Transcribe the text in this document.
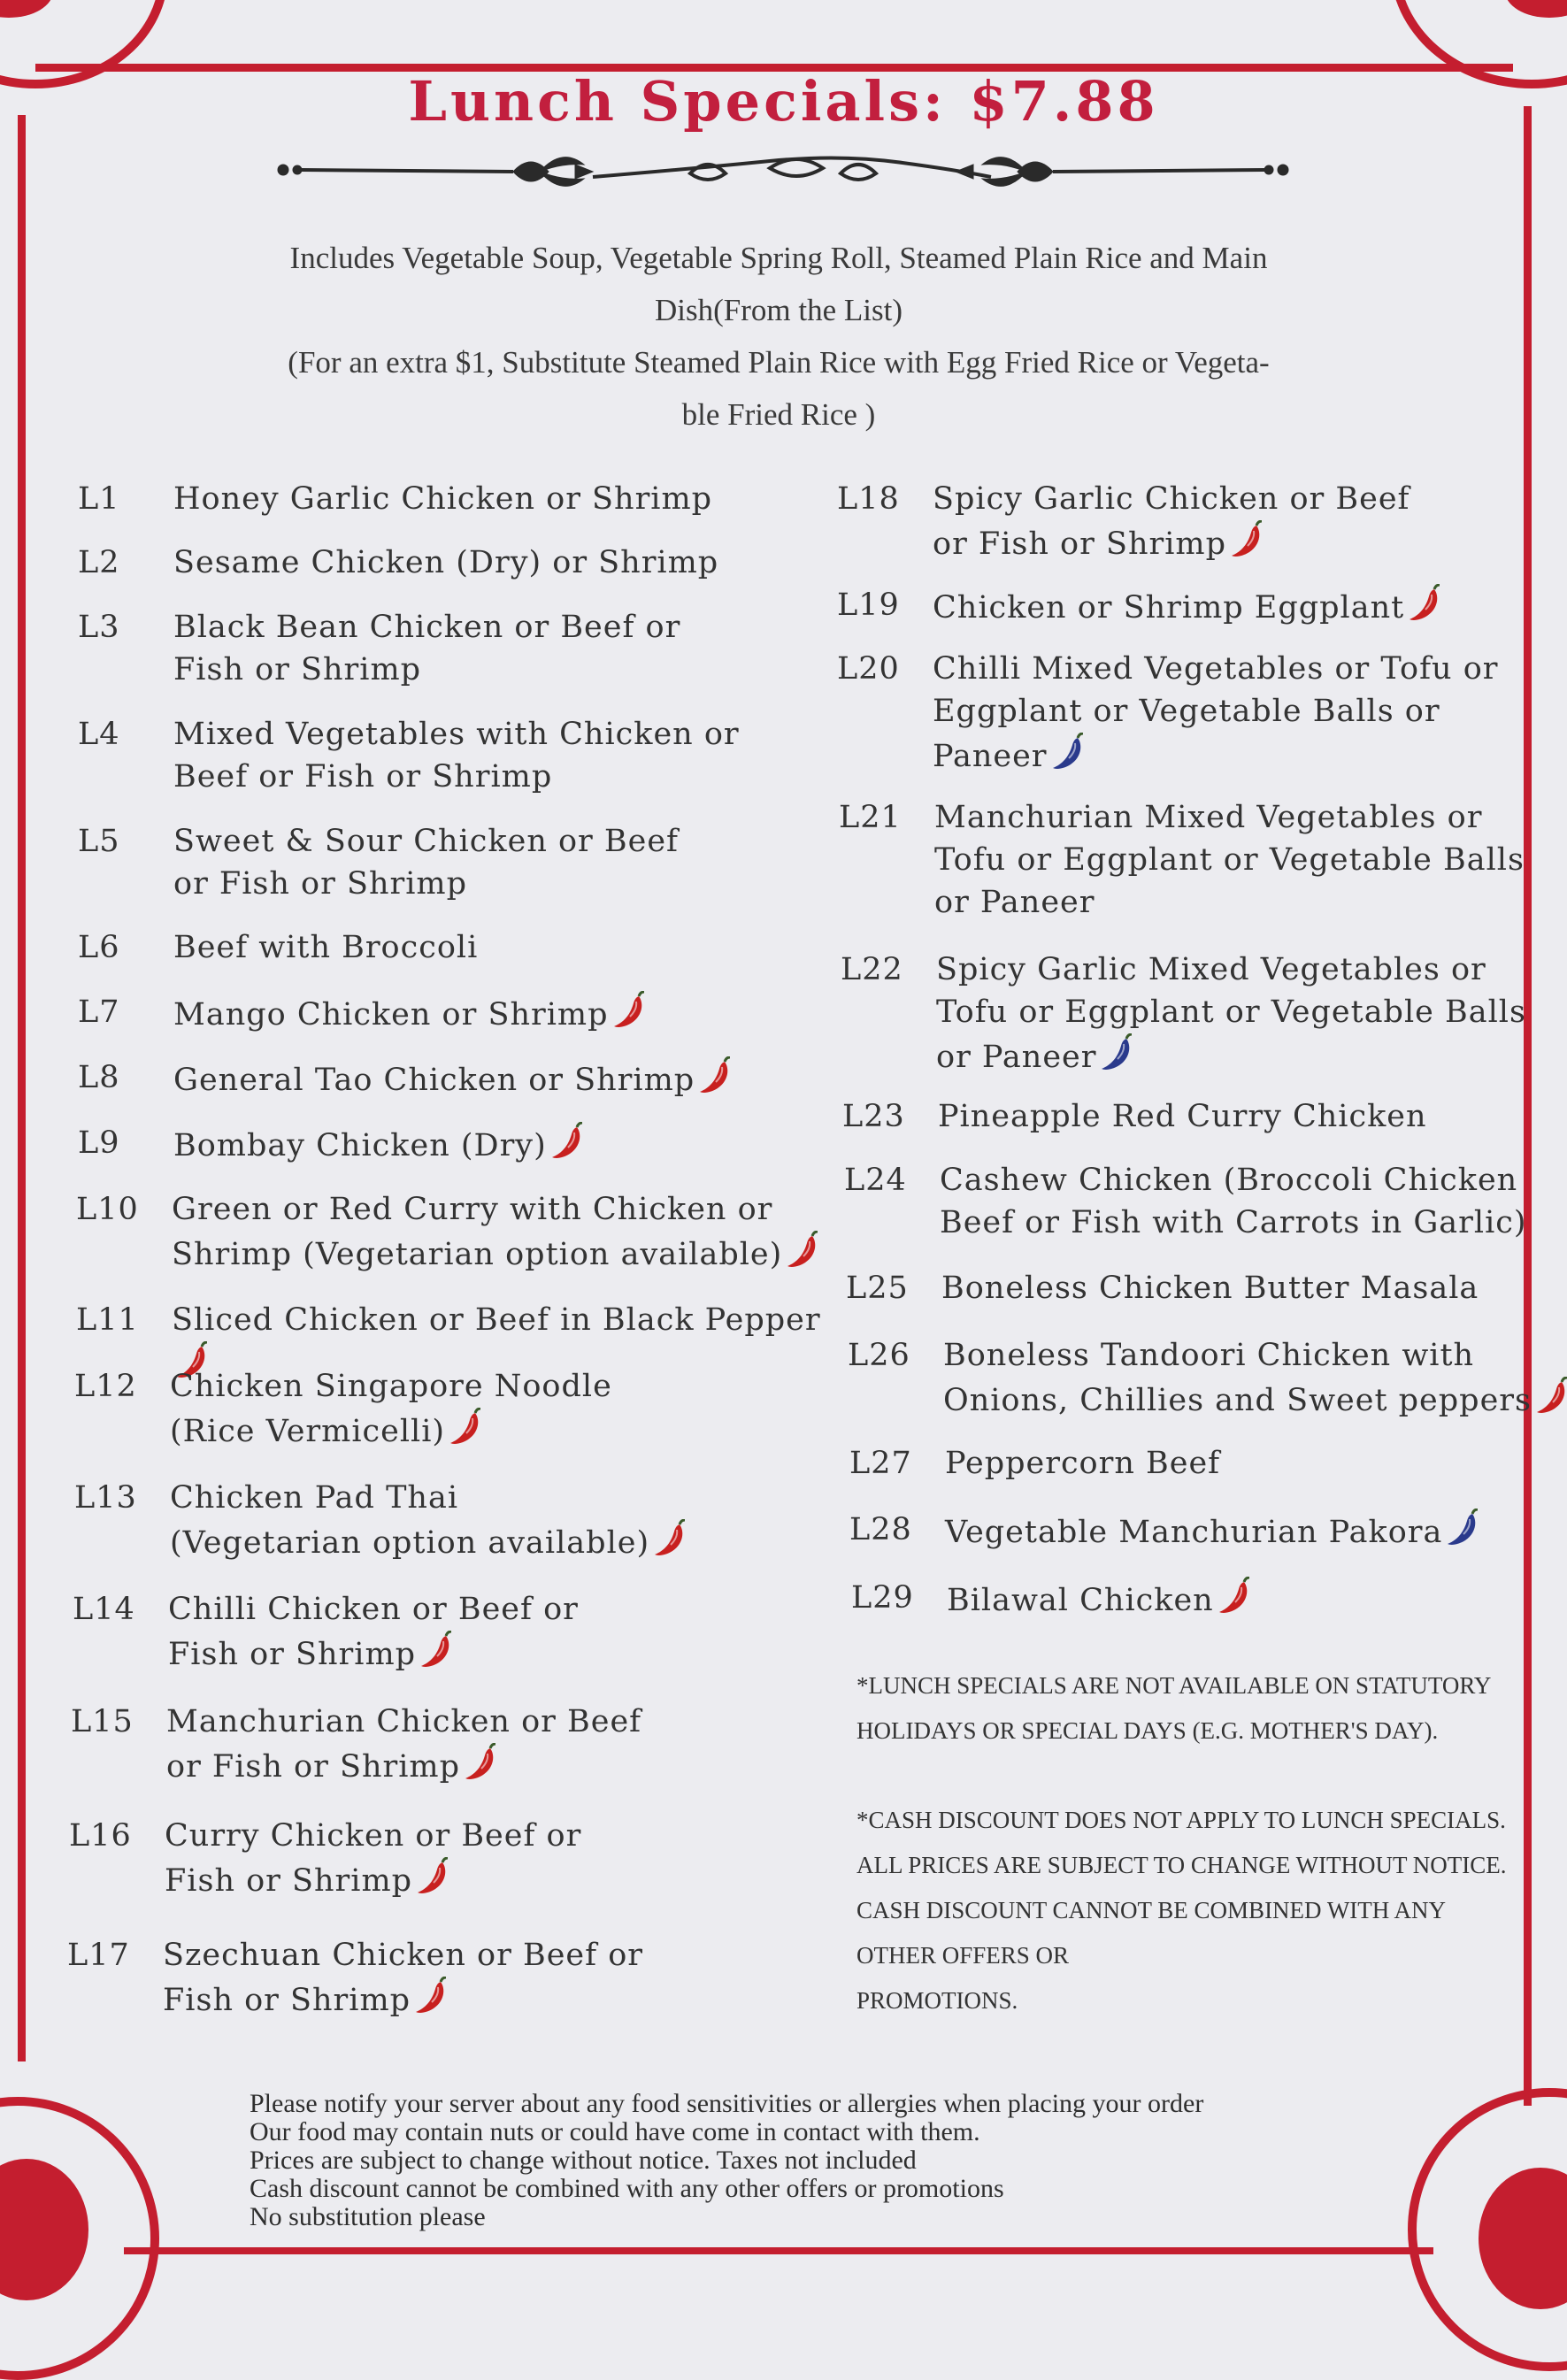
Lunch Specials: $7.88

Includes Vegetable Soup, Vegetable Spring Roll, Steamed Plain Rice and Main

Dish(From the List)

(For an extra $1, Substitute Steamed Plain Rice with Egg Fried Rice or Vegeta-

ble Fried Rice )

L1	Honey Garlic Chicken or Shrimp
L2	Sesame Chicken (Dry) or Shrimp
L3	Black Bean Chicken or Beef or
Fish or Shrimp
L4	Mixed Vegetables with Chicken or
Beef or Fish or Shrimp
L5	Sweet & Sour Chicken or Beef
or Fish or Shrimp
L6	Beef with Broccoli
L7	Mango Chicken or Shrimp
L8	General Tao Chicken or Shrimp
L9	Bombay Chicken (Dry)
L10	Green or Red Curry with Chicken or
Shrimp (Vegetarian option available)
L11	Sliced Chicken or Beef in Black Pepper
L12	Chicken Singapore Noodle
(Rice Vermicelli)
L13	Chicken Pad Thai
(Vegetarian option available)
L14	Chilli Chicken or Beef or
Fish or Shrimp
L15	Manchurian Chicken or Beef
or Fish or Shrimp
L16	Curry Chicken or Beef or
Fish or Shrimp
L17	Szechuan Chicken or Beef or
Fish or Shrimp
L18	Spicy Garlic Chicken or Beef
or Fish or Shrimp
L19	Chicken or Shrimp Eggplant
L20	Chilli Mixed Vegetables or Tofu or
Eggplant or Vegetable Balls or
Paneer
L21	Manchurian Mixed Vegetables or
Tofu or Eggplant or Vegetable Balls
or Paneer
L22	Spicy Garlic Mixed Vegetables or
Tofu or Eggplant or Vegetable Balls
or Paneer
L23	Pineapple Red Curry Chicken
L24	Cashew Chicken (Broccoli Chicken
Beef or Fish with Carrots in Garlic)
L25	Boneless Chicken Butter Masala
L26	Boneless Tandoori Chicken with
Onions, Chillies and Sweet peppers
L27	Peppercorn Beef
L28	Vegetable Manchurian Pakora
L29	Bilawal Chicken

*LUNCH SPECIALS ARE NOT AVAILABLE ON STATUTORY

HOLIDAYS OR SPECIAL DAYS (E.G. MOTHER'S DAY).

*CASH DISCOUNT DOES NOT APPLY TO LUNCH SPECIALS.

ALL PRICES ARE SUBJECT TO CHANGE WITHOUT NOTICE.

CASH DISCOUNT CANNOT BE COMBINED WITH ANY

OTHER OFFERS OR

PROMOTIONS.

Please notify your server about any food sensitivities or allergies when placing your order

Our food may contain nuts or could have come in contact with them.

Prices are subject to change without notice. Taxes not included

Cash discount cannot be combined with any other offers or promotions

No substitution please
